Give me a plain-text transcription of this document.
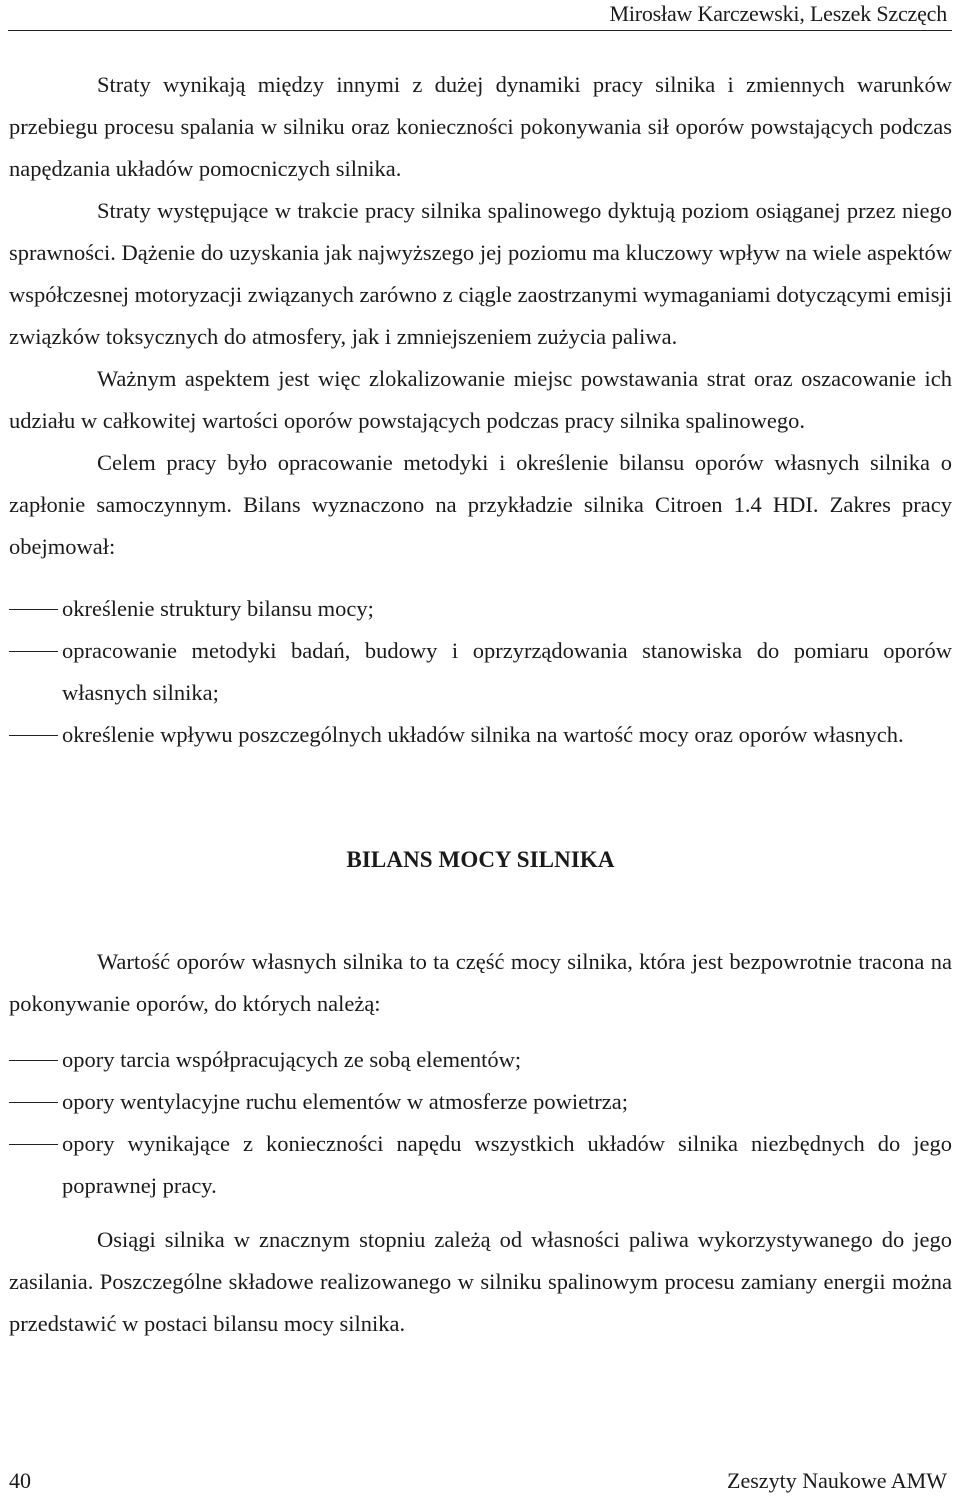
Mirosław Karczewski, Leszek Szczęch

Straty wynikają między innymi z dużej dynamiki pracy silnika i zmiennych warunków przebiegu procesu spalania w silniku oraz konieczności pokonywania sił oporów powstających podczas napędzania układów pomocniczych silnika.

Straty występujące w trakcie pracy silnika spalinowego dyktują poziom osiąganej przez niego sprawności. Dążenie do uzyskania jak najwyższego jej poziomu ma kluczowy wpływ na wiele aspektów współczesnej motoryzacji związanych zarówno z ciągle zaostrzanymi wymaganiami dotyczącymi emisji związków toksycznych do atmosfery, jak i zmniejszeniem zużycia paliwa.

Ważnym aspektem jest więc zlokalizowanie miejsc powstawania strat oraz oszacowanie ich udziału w całkowitej wartości oporów powstających podczas pracy silnika spalinowego.

Celem pracy było opracowanie metodyki i określenie bilansu oporów własnych silnika o zapłonie samoczynnym. Bilans wyznaczono na przykładzie silnika Citroen 1.4 HDI. Zakres pracy obejmował:

określenie struktury bilansu mocy;
opracowanie metodyki badań, budowy i oprzyrządowania stanowiska do pomiaru oporów własnych silnika;
określenie wpływu poszczególnych układów silnika na wartość mocy oraz oporów własnych.
BILANS MOCY SILNIKA

Wartość oporów własnych silnika to ta część mocy silnika, która jest bezpowrotnie tracona na pokonywanie oporów, do których należą:

opory tarcia współpracujących ze sobą elementów;
opory wentylacyjne ruchu elementów w atmosferze powietrza;
opory wynikające z konieczności napędu wszystkich układów silnika niezbędnych do jego poprawnej pracy.

Osiągi silnika w znacznym stopniu zależą od własności paliwa wykorzystywanego do jego zasilania. Poszczególne składowe realizowanego w silniku spalinowym procesu zamiany energii można przedstawić w postaci bilansu mocy silnika.

40	Zeszyty Naukowe AMW
